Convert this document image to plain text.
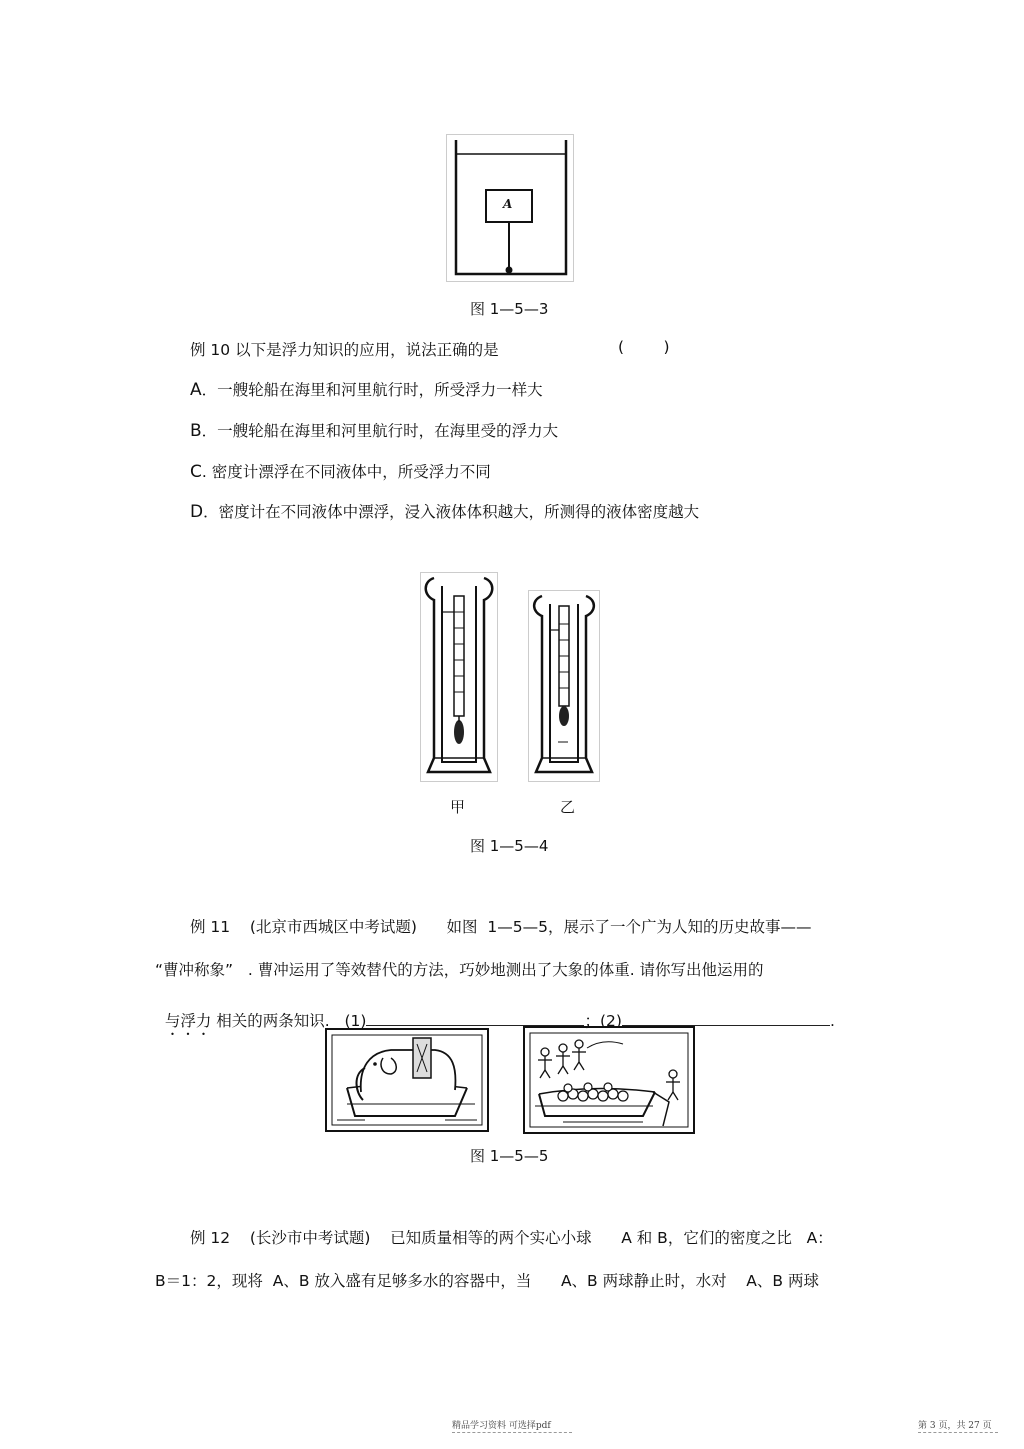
A
图 1—5—3
例 10 以下是浮力知识的应用，说法正确的是	(        )
A．一艘轮船在海里和河里航行时，所受浮力一样大
B．一艘轮船在海里和河里航行时，在海里受的浮力大
C. 密度计漂浮在不同液体中，所受浮力不同
D．密度计在不同液体中漂浮，浸入液体体积越大，所测得的液体密度越大
甲	乙
图 1—5—4
例 11    (北京市西城区中考试题)      如图  1—5—5，展示了一个广为人知的历史故事——
“曹冲称象”   . 曹冲运用了等效替代的方法，巧妙地测出了大象的体重. 请你写出他运用的

与浮力 相关的两条知识.   (1)	；(2)	.

图 1—5—5
例 12    (长沙市中考试题)    已知质量相等的两个实心小球      A 和 B，它们的密度之比   A：
B＝1：2，现将  A、B 放入盛有足够多水的容器中，当      A、B 两球静止时，水对    A、B 两球
精品学习资料 可选择pdf	第 3 页，共 27 页
